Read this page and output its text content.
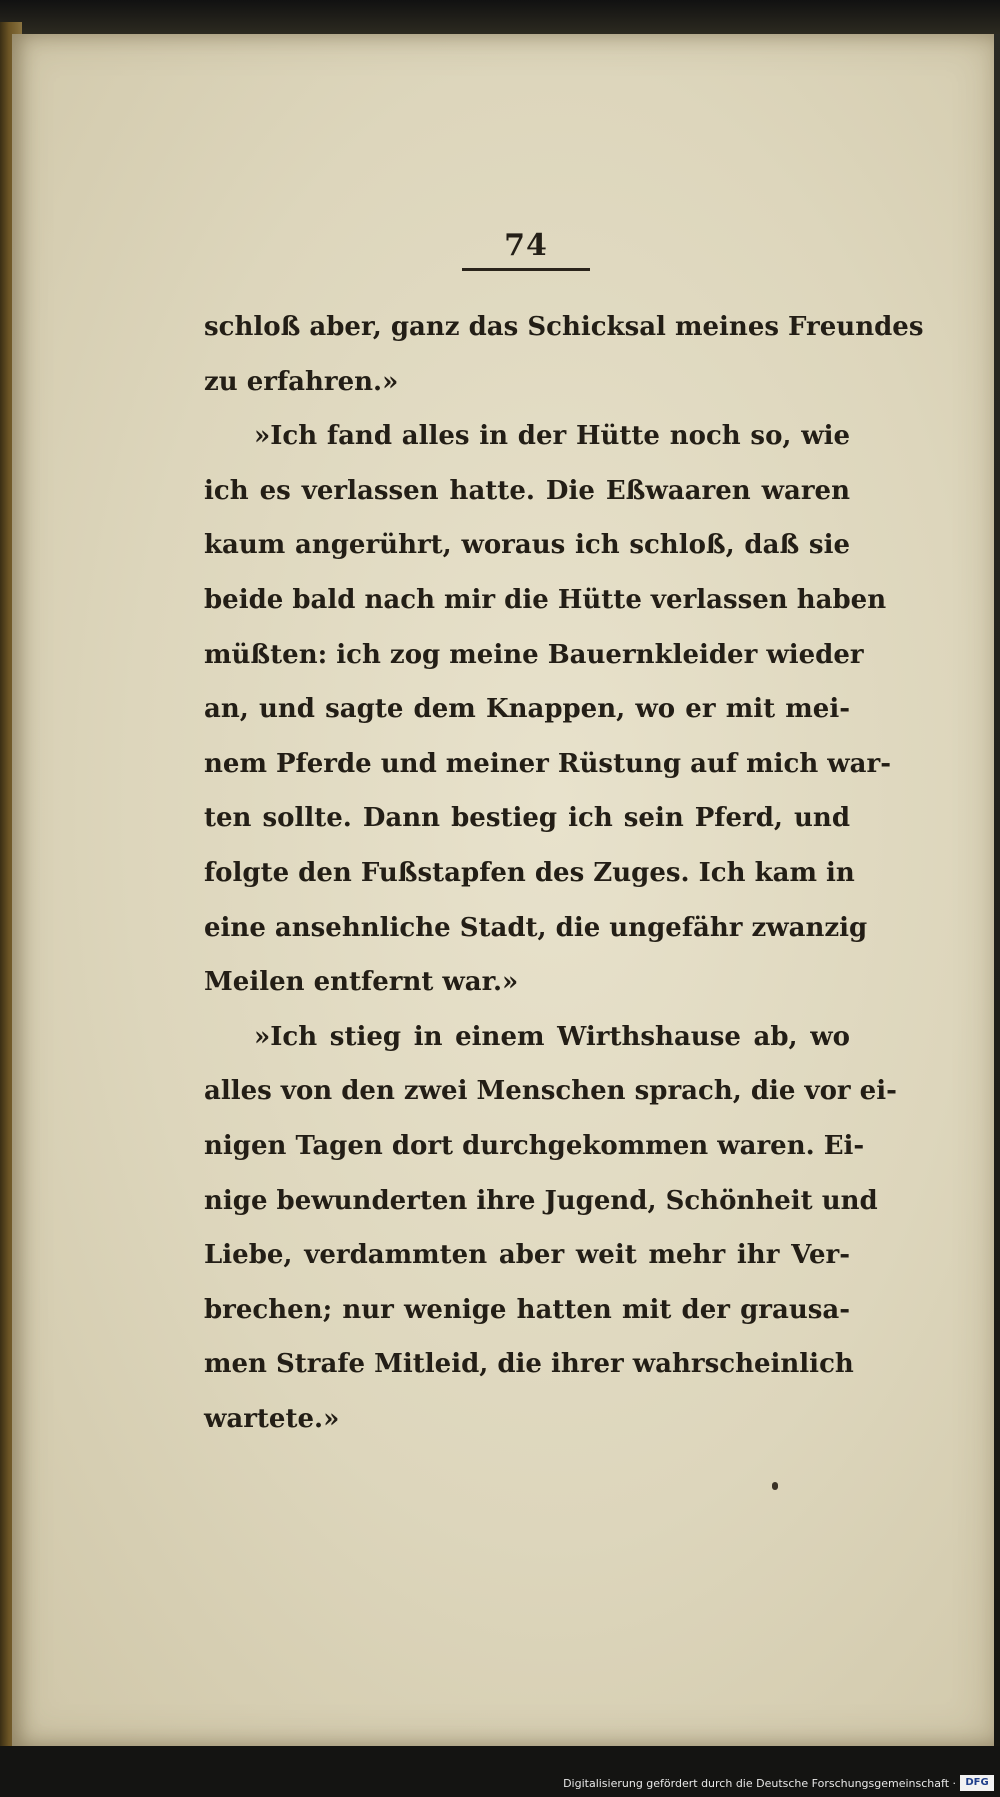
74
schloß aber, ganz das Schicksal meines Freundes
zu erfahren.»
»Ich fand alles in der Hütte noch so, wie
ich es verlassen hatte. Die Eßwaaren waren
kaum angerührt, woraus ich schloß, daß sie
beide bald nach mir die Hütte verlassen haben
müßten: ich zog meine Bauernkleider wieder
an, und sagte dem Knappen, wo er mit mei-
nem Pferde und meiner Rüstung auf mich war-
ten sollte. Dann bestieg ich sein Pferd, und
folgte den Fußstapfen des Zuges. Ich kam in
eine ansehnliche Stadt, die ungefähr zwanzig
Meilen entfernt war.»
»Ich stieg in einem Wirthshause ab, wo
alles von den zwei Menschen sprach, die vor ei-
nigen Tagen dort durchgekommen waren. Ei-
nige bewunderten ihre Jugend, Schönheit und
Liebe, verdammten aber weit mehr ihr Ver-
brechen; nur wenige hatten mit der grausa-
men Strafe Mitleid, die ihrer wahrscheinlich
wartete.»
Digitalisierung gefördert durch die Deutsche Forschungsgemeinschaft · DFG
